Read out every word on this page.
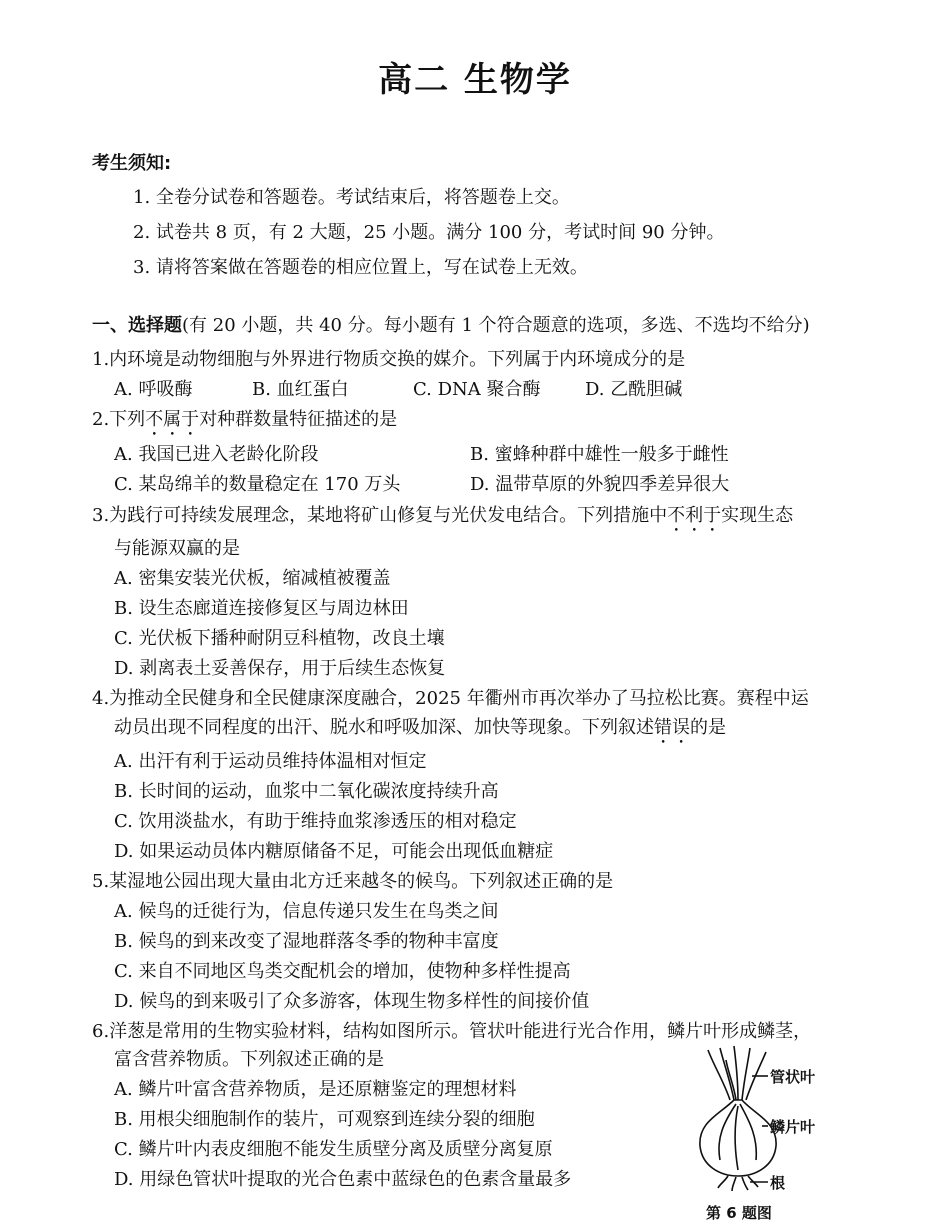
高二 生物学
考生须知:
1. 全卷分试卷和答题卷。考试结束后，将答题卷上交。
2. 试卷共 8 页，有 2 大题，25 小题。满分 100 分，考试时间 90 分钟。
3. 请将答案做在答题卷的相应位置上，写在试卷上无效。
一、选择题(有 20 小题，共 40 分。每小题有 1 个符合题意的选项，多选、不选均不给分)
1.内环境是动物细胞与外界进行物质交换的媒介。下列属于内环境成分的是
A. 呼吸酶	B. 血红蛋白	C. DNA 聚合酶 D. 乙酰胆碱
2.下列不属于对种群数量特征描述的是
A. 我国已进入老龄化阶段	B. 蜜蜂种群中雄性一般多于雌性
C. 某岛绵羊的数量稳定在 170 万头	D. 温带草原的外貌四季差异很大
3.为践行可持续发展理念，某地将矿山修复与光伏发电结合。下列措施中不利于实现生态
与能源双赢的是
A. 密集安装光伏板，缩减植被覆盖
B. 设生态廊道连接修复区与周边林田
C. 光伏板下播种耐阴豆科植物，改良土壤
D. 剥离表土妥善保存，用于后续生态恢复
4.为推动全民健身和全民健康深度融合，2025 年衢州市再次举办了马拉松比赛。赛程中运
动员出现不同程度的出汗、脱水和呼吸加深、加快等现象。下列叙述错误的是
A. 出汗有利于运动员维持体温相对恒定
B. 长时间的运动，血浆中二氧化碳浓度持续升高
C. 饮用淡盐水，有助于维持血浆渗透压的相对稳定
D. 如果运动员体内糖原储备不足，可能会出现低血糖症
5.某湿地公园出现大量由北方迁来越冬的候鸟。下列叙述正确的是
A. 候鸟的迁徙行为，信息传递只发生在鸟类之间
B. 候鸟的到来改变了湿地群落冬季的物种丰富度
C. 来自不同地区鸟类交配机会的增加，使物种多样性提高
D. 候鸟的到来吸引了众多游客，体现生物多样性的间接价值
6.洋葱是常用的生物实验材料，结构如图所示。管状叶能进行光合作用，鳞片叶形成鳞茎，
富含营养物质。下列叙述正确的是
A. 鳞片叶富含营养物质，是还原糖鉴定的理想材料
B. 用根尖细胞制作的装片，可观察到连续分裂的细胞
C. 鳞片叶内表皮细胞不能发生质壁分离及质壁分离复原
D. 用绿色管状叶提取的光合色素中蓝绿色的色素含量最多
管状叶
鳞片叶
根
第 6 题图
